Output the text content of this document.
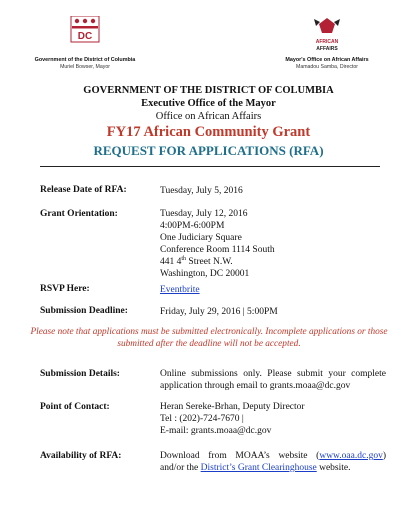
DC
Government of the District of Columbia
Muriel Bowser, Mayor
AFRICAN
AFFAIRS
Mayor's Office on African Affairs
Mamadou Samba, Director
GOVERNMENT OF THE DISTRICT OF COLUMBIA
Executive Office of the Mayor
Office on African Affairs
FY17 African Community Grant
REQUEST FOR APPLICATIONS (RFA)
Release Date of RFA:	Tuesday, July 5, 2016
Grant Orientation:	Tuesday, July 12, 2016
4:00PM-6:00PM
One Judiciary Square
Conference Room 1114 South
441 4th Street N.W.
Washington, DC 20001
RSVP Here:	Eventbrite
Submission Deadline:	Friday, July 29, 2016 | 5:00PM
Please note that applications must be submitted electronically. Incomplete applications or those submitted after the deadline will not be accepted.
Submission Details:	Online submissions only. Please submit your complete application through email to grants.moaa@dc.gov
Point of Contact:	Heran Sereke-Brhan, Deputy Director
Tel : (202)-724-7670 |
E-mail: grants.moaa@dc.gov
Availability of RFA:	Download from MOAA’s website (www.oaa.dc.gov) and/or the District’s Grant Clearinghouse website.
